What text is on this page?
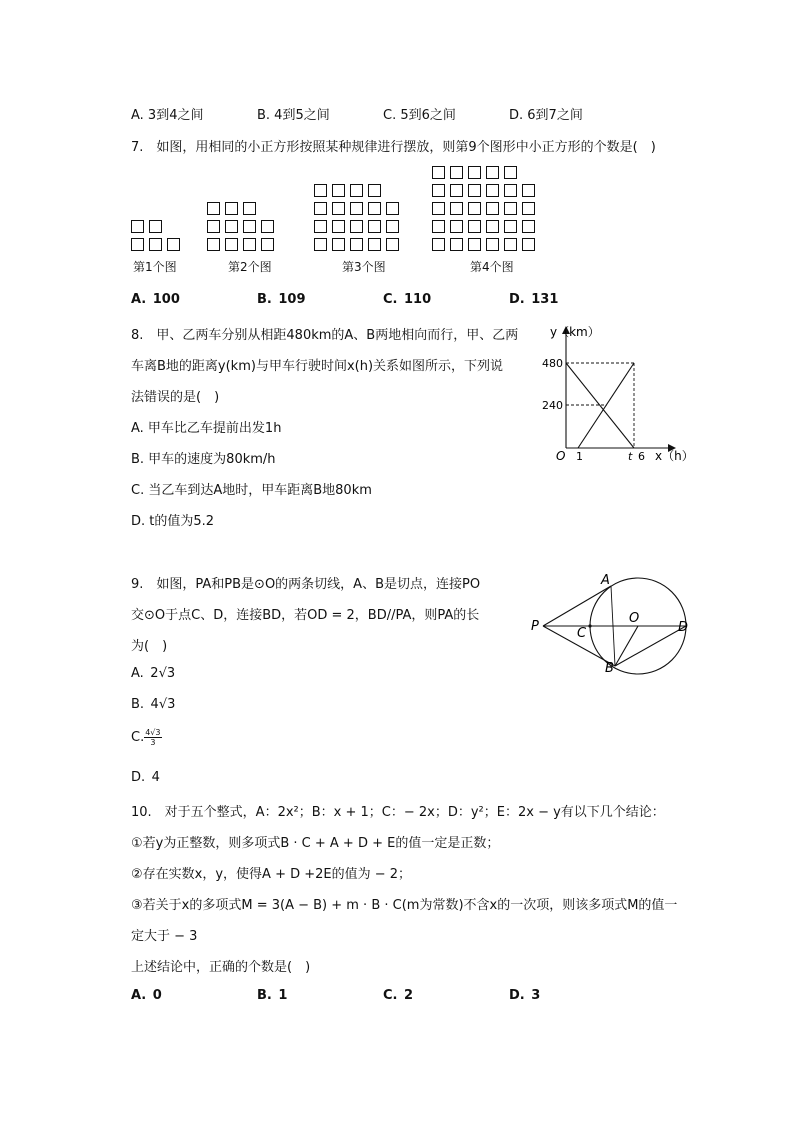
A. 3到4之间	B. 4到5之间	C. 5到6之间	D. 6到7之间
7. 如图，用相同的小正方形按照某种规律进行摆放，则第9个图形中小正方形的个数是( )
第1个图	第2个图	第3个图	第4个图
A. 100	B. 109	C. 110	D. 131
8. 甲、乙两车分别从相距480km的A、B两地相向而行，甲、乙两
车离B地的距离y(km)与甲车行驶时间x(h)关系如图所示，下列说
法错误的是( )
A. 甲车比乙车提前出发1h
B. 甲车的速度为80km/h
C. 当乙车到达A地时，甲车距离B地80km
D. t的值为5.2
y（km）
480
240
O 1	t 6 x（h）
9. 如图，PA和PB是⊙O的两条切线，A、B是切点，连接PO
交⊙O于点C、D，连接BD，若OD = 2，BD//PA，则PA的长
为( )
A. 2√3
B. 4√3
C. $\frac{4√3}{3}$
D. 4
P
A
C
O
D
B
10. 对于五个整式，A：2x²；B：x + 1；C：− 2x；D：y²；E：2x − y有以下几个结论：
①若y为正整数，则多项式B · C + A + D + E的值一定是正数；
②存在实数x，y，使得A + D +2E的值为 − 2；
③若关于x的多项式M = 3(A − B) + m · B · C(m为常数)不含x的一次项，则该多项式M的值一
定大于 − 3
上述结论中，正确的个数是( )
A. 0	B. 1	C. 2	D. 3
